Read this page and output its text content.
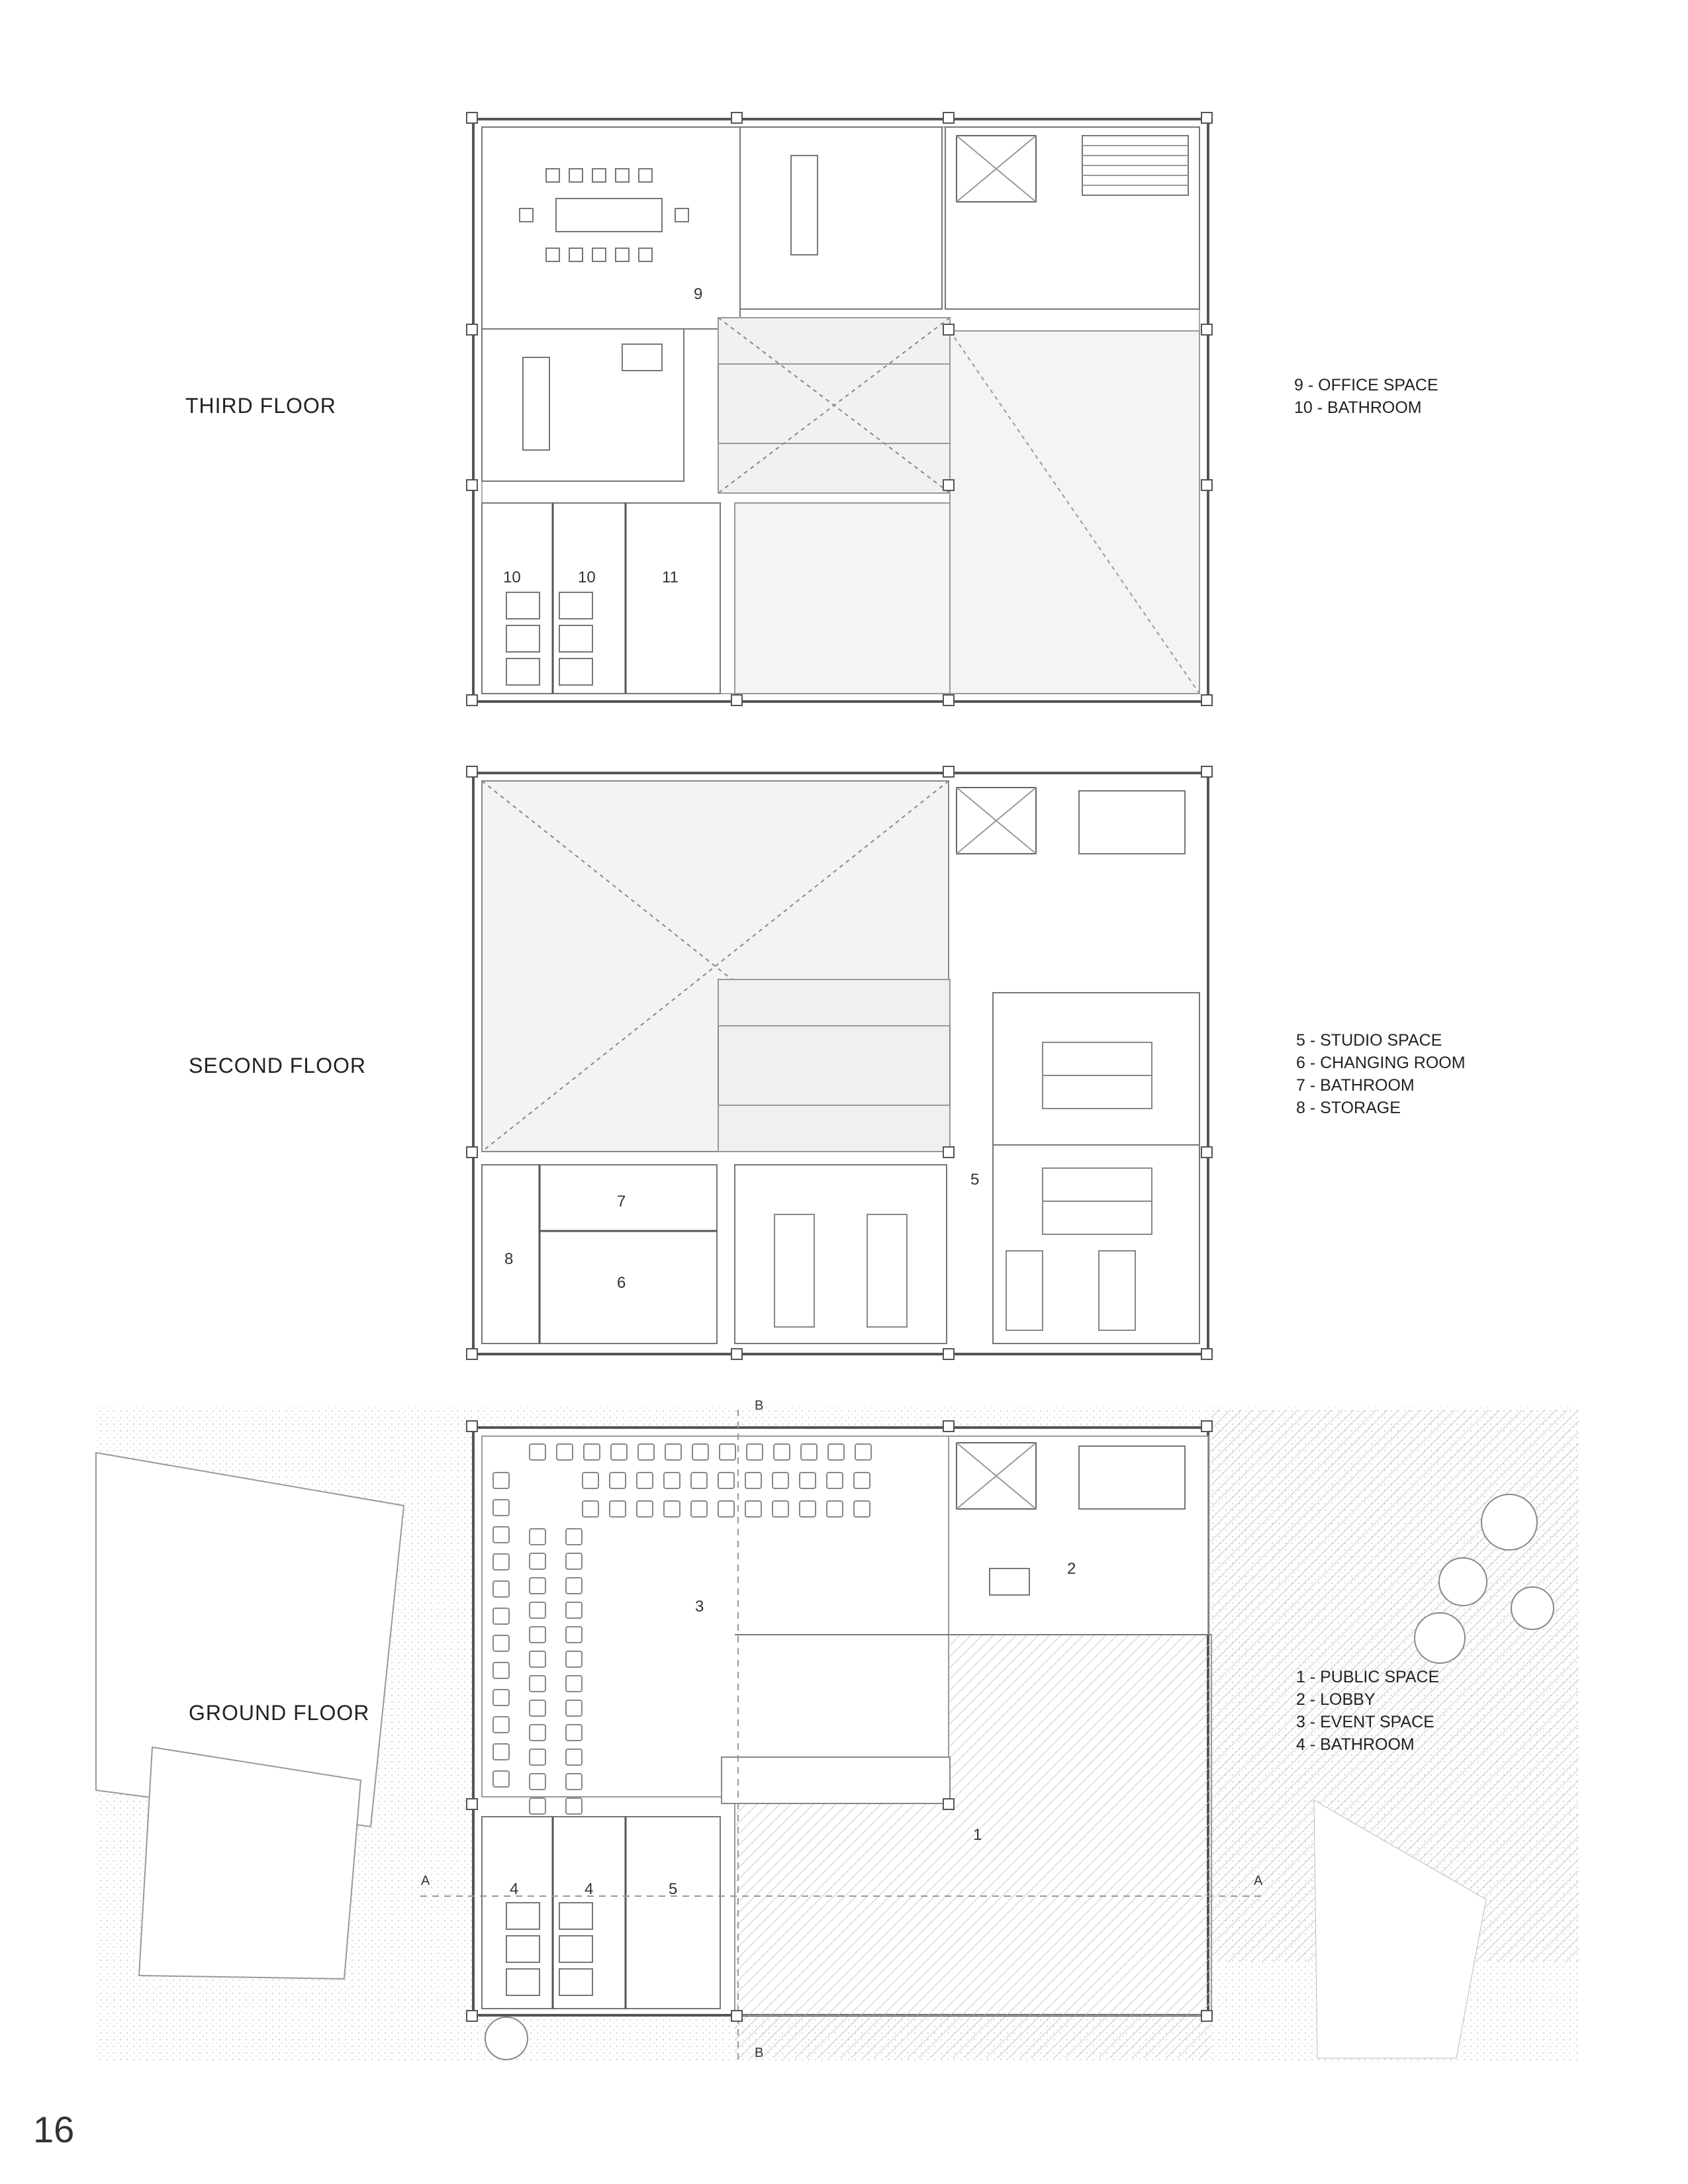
9
10	10	11
7
8
6
5
2
3
1
4	4	5
B
B
A	A
THIRD FLOOR
SECOND FLOOR
GROUND FLOOR
9 - OFFICE SPACE
10 - BATHROOM
5 - STUDIO SPACE
6 - CHANGING ROOM
7 - BATHROOM
8 - STORAGE
1 - PUBLIC SPACE
2 - LOBBY
3 - EVENT SPACE
4 - BATHROOM
16
